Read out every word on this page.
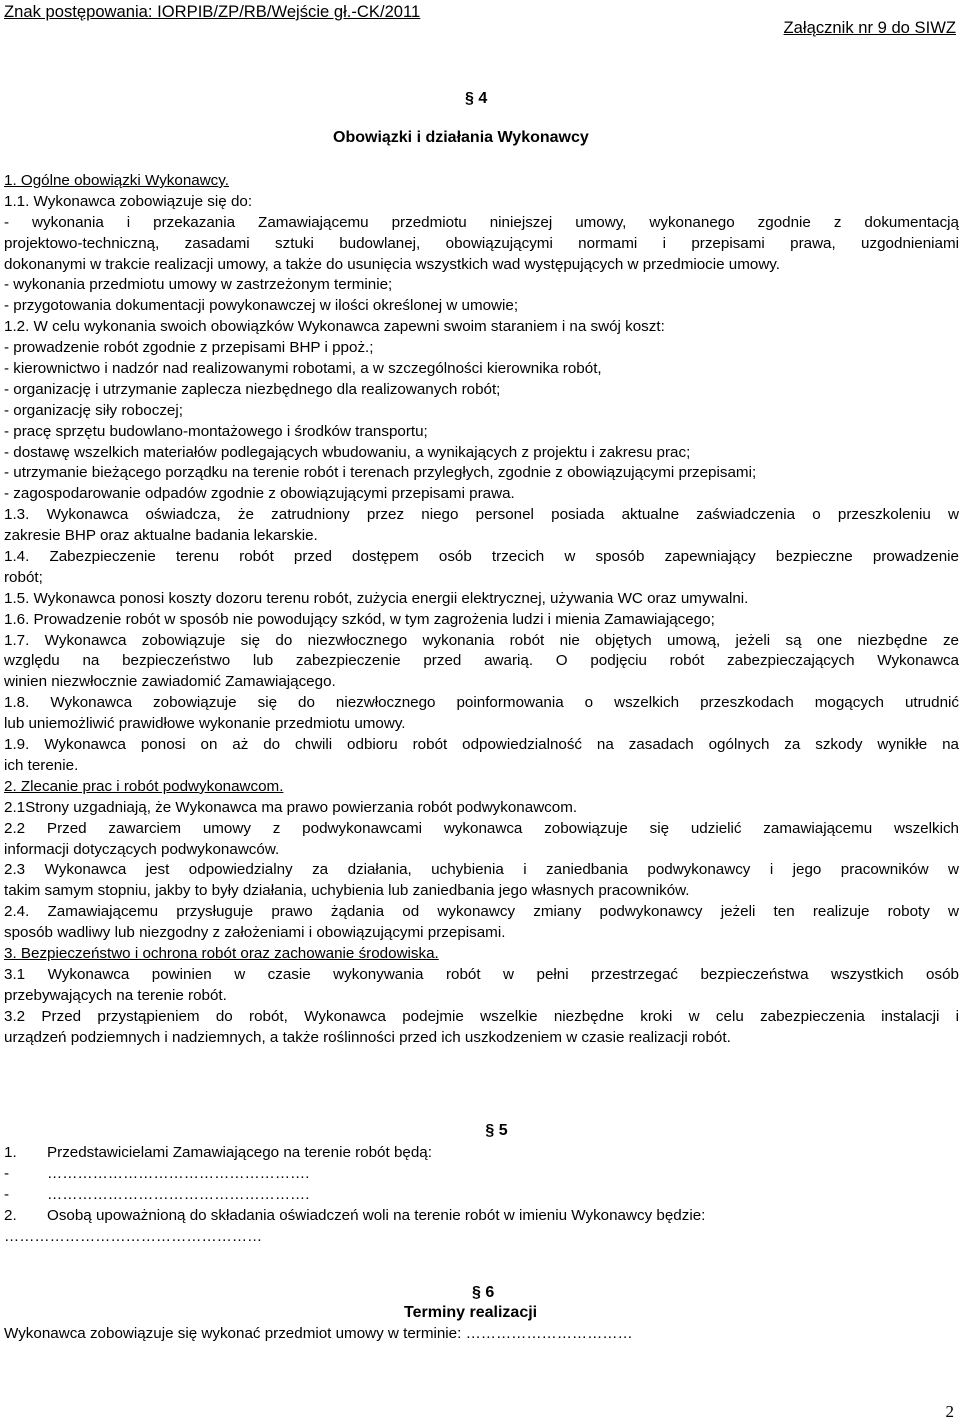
Znak postępowania: IORPIB/ZP/RB/Wejście gł.-CK/2011
Załącznik nr 9 do SIWZ
§ 4
Obowiązki i działania Wykonawcy
1. Ogólne obowiązki Wykonawcy.
1.1. Wykonawca zobowiązuje się do:
- wykonania i przekazania Zamawiającemu przedmiotu niniejszej umowy, wykonanego zgodnie z dokumentacją
projektowo-techniczną, zasadami sztuki budowlanej, obowiązującymi normami i przepisami prawa, uzgodnieniami
dokonanymi w trakcie realizacji umowy, a także do usunięcia wszystkich wad występujących w przedmiocie umowy.
- wykonania przedmiotu umowy w zastrzeżonym terminie;
- przygotowania dokumentacji powykonawczej w ilości określonej w umowie;
1.2. W celu wykonania swoich obowiązków Wykonawca zapewni swoim staraniem i na swój koszt:
- prowadzenie robót zgodnie z przepisami BHP i ppoż.;
- kierownictwo i nadzór nad realizowanymi robotami, a w szczególności kierownika robót,
- organizację i utrzymanie zaplecza niezbędnego dla realizowanych robót;
- organizację siły roboczej;
- pracę sprzętu budowlano-montażowego i środków transportu;
- dostawę wszelkich materiałów podlegających wbudowaniu, a wynikających z projektu i zakresu prac;
- utrzymanie bieżącego porządku na terenie robót i terenach przyległych, zgodnie z obowiązującymi przepisami;
- zagospodarowanie odpadów zgodnie z obowiązującymi przepisami prawa.
1.3. Wykonawca oświadcza, że zatrudniony przez niego personel posiada aktualne zaświadczenia o przeszkoleniu w
zakresie BHP oraz aktualne badania lekarskie.
1.4. Zabezpieczenie terenu robót przed dostępem osób trzecich w sposób zapewniający bezpieczne prowadzenie
robót;
1.5. Wykonawca ponosi koszty dozoru terenu robót, zużycia energii elektrycznej, używania WC oraz umywalni.
1.6. Prowadzenie robót w sposób nie powodujący szkód, w tym zagrożenia ludzi i mienia Zamawiającego;
1.7. Wykonawca zobowiązuje się do niezwłocznego wykonania robót nie objętych umową, jeżeli są one niezbędne ze
względu na bezpieczeństwo lub zabezpieczenie przed awarią. O podjęciu robót zabezpieczających Wykonawca
winien niezwłocznie zawiadomić Zamawiającego.
1.8. Wykonawca zobowiązuje się do niezwłocznego poinformowania o wszelkich przeszkodach mogących utrudnić
lub uniemożliwić prawidłowe wykonanie przedmiotu umowy.
1.9. Wykonawca ponosi on aż do chwili odbioru robót odpowiedzialność na zasadach ogólnych za szkody wynikłe na
ich terenie.
2. Zlecanie prac i robót podwykonawcom.
2.1Strony uzgadniają, że Wykonawca ma prawo powierzania robót podwykonawcom.
2.2 Przed zawarciem umowy z podwykonawcami wykonawca zobowiązuje się udzielić zamawiającemu wszelkich
informacji dotyczących podwykonawców.
2.3 Wykonawca jest odpowiedzialny za działania, uchybienia i zaniedbania podwykonawcy i jego pracowników w
takim samym stopniu, jakby to były działania, uchybienia lub zaniedbania jego własnych pracowników.
2.4. Zamawiającemu przysługuje prawo żądania od wykonawcy zmiany podwykonawcy jeżeli ten realizuje roboty w
sposób wadliwy lub niezgodny z założeniami i obowiązującymi przepisami.
3. Bezpieczeństwo i ochrona robót oraz zachowanie środowiska.
3.1 Wykonawca powinien w czasie wykonywania robót w pełni przestrzegać bezpieczeństwa wszystkich osób
przebywających na terenie robót.
3.2 Przed przystąpieniem do robót, Wykonawca podejmie wszelkie niezbędne kroki w celu zabezpieczenia instalacji i
urządzeń podziemnych i nadziemnych, a także roślinności przed ich uszkodzeniem w czasie realizacji robót.
§ 5
1. Przedstawicielami Zamawiającego na terenie robót będą:
- …………………………………………….
- …………………………………………….
2. Osobą upoważnioną do składania oświadczeń woli na terenie robót w imieniu Wykonawcy będzie:
……………………………………………
§ 6
Terminy realizacji
Wykonawca zobowiązuje się wykonać przedmiot umowy w terminie: ……………………………
2
